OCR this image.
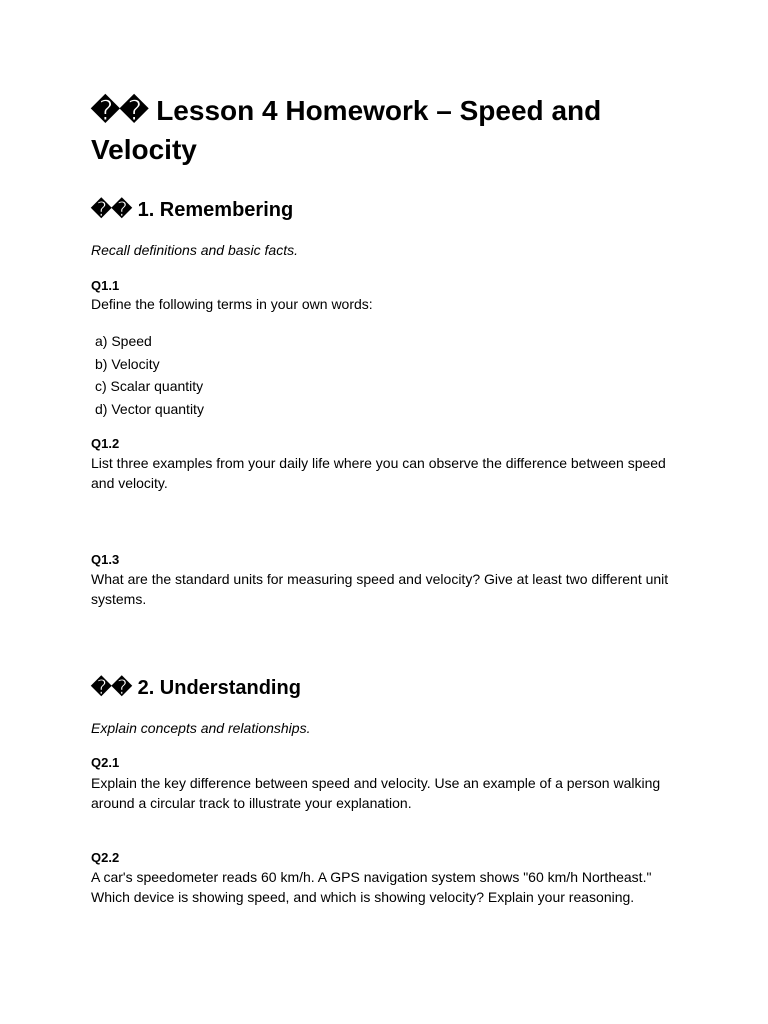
�� Lesson 4 Homework – Speed and Velocity
�� 1. Remembering

Recall definitions and basic facts.

Q1.1

Define the following terms in your own words:

a) Speed
b) Velocity
c) Scalar quantity
d) Vector quantity

Q1.2

List three examples from your daily life where you can observe the difference between speed and velocity.

Q1.3

What are the standard units for measuring speed and velocity? Give at least two different unit systems.

�� 2. Understanding

Explain concepts and relationships.

Q2.1

Explain the key difference between speed and velocity. Use an example of a person walking around a circular track to illustrate your explanation.

Q2.2

A car's speedometer reads 60 km/h. A GPS navigation system shows "60 km/h Northeast." Which device is showing speed, and which is showing velocity? Explain your reasoning.
